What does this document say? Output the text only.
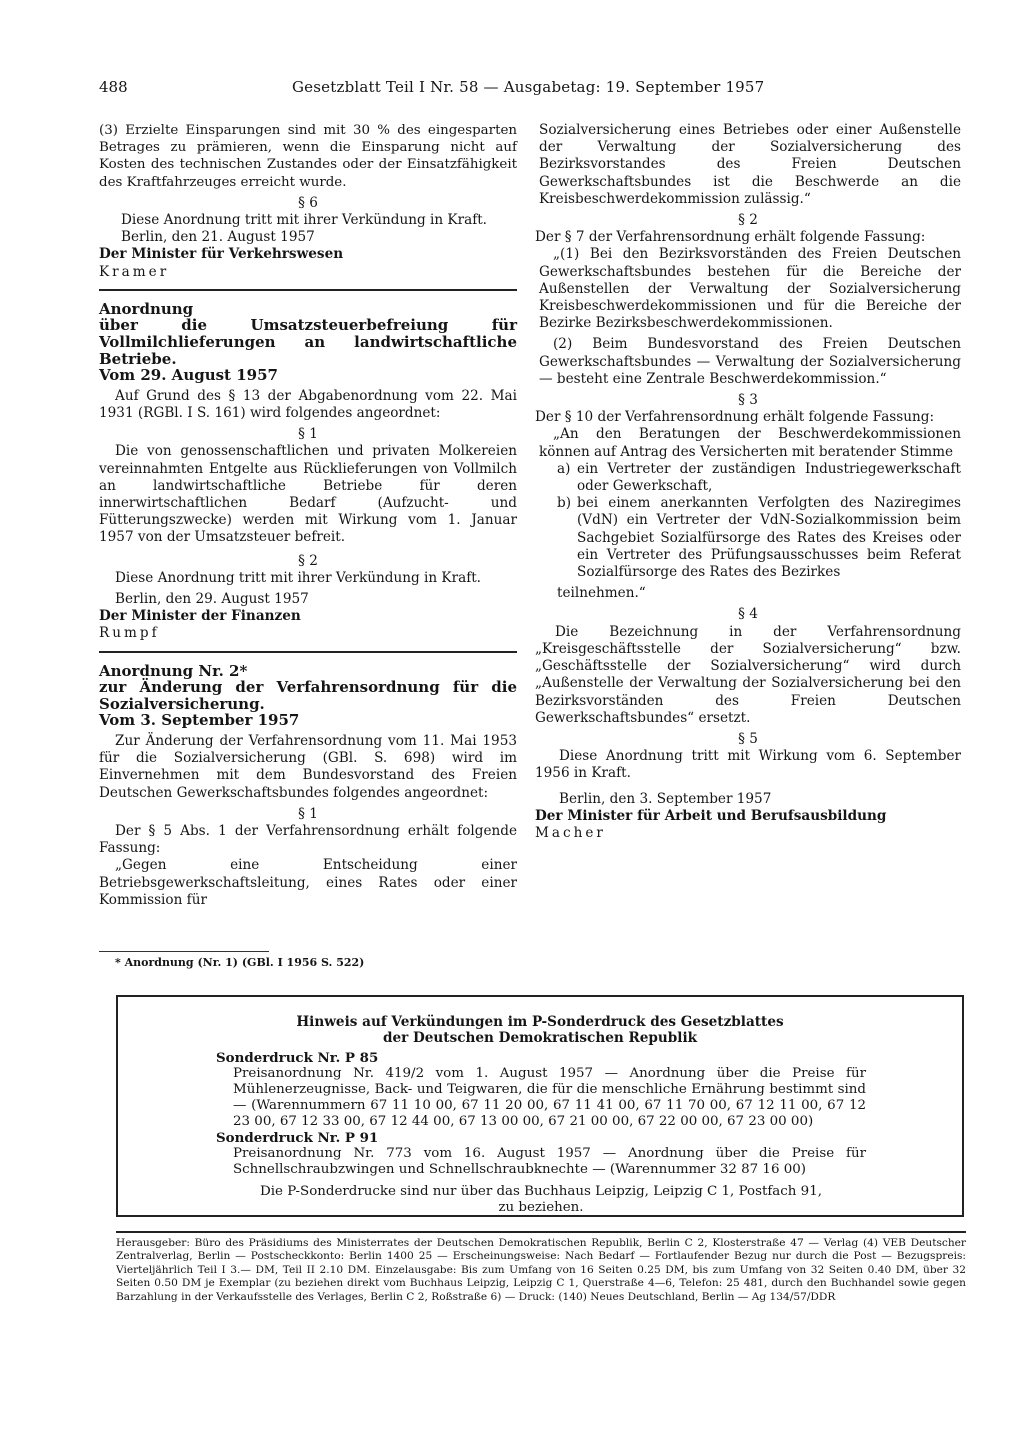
488	Gesetzblatt Teil I Nr. 58 — Ausgabetag: 19. September 1957

(3) Erzielte Einsparungen sind mit 30 % des eingesparten Betrages zu prämieren, wenn die Einsparung nicht auf Kosten des technischen Zustandes oder der Einsatzfähigkeit des Kraftfahrzeuges erreicht wurde.

§ 6

Diese Anordnung tritt mit ihrer Verkündung in Kraft.

Berlin, den 21. August 1957

Der Minister für Verkehrswesen

Kramer

Anordnung

über die Umsatzsteuerbefreiung für Vollmilchlieferungen an landwirtschaftliche Betriebe.

Vom 29. August 1957

Auf Grund des § 13 der Abgabenordnung vom 22. Mai 1931 (RGBl. I S. 161) wird folgendes angeordnet:

§ 1

Die von genossenschaftlichen und privaten Molkereien vereinnahmten Entgelte aus Rücklieferungen von Vollmilch an landwirtschaftliche Betriebe für deren innerwirtschaftlichen Bedarf (Aufzucht- und Fütterungszwecke) werden mit Wirkung vom 1. Januar 1957 von der Umsatzsteuer befreit.

§ 2

Diese Anordnung tritt mit ihrer Verkündung in Kraft.

Berlin, den 29. August 1957

Der Minister der Finanzen

Rumpf

Anordnung Nr. 2*

zur Änderung der Verfahrensordnung für die Sozialversicherung.

Vom 3. September 1957

Zur Änderung der Verfahrensordnung vom 11. Mai 1953 für die Sozialversicherung (GBl. S. 698) wird im Einvernehmen mit dem Bundesvorstand des Freien Deutschen Gewerkschaftsbundes folgendes angeordnet:

§ 1

Der § 5 Abs. 1 der Verfahrensordnung erhält folgende Fassung:

„Gegen eine Entscheidung einer Betriebsgewerkschaftsleitung, eines Rates oder einer Kommission für

* Anordnung (Nr. 1) (GBl. I 1956 S. 522)

Sozialversicherung eines Betriebes oder einer Außenstelle der Verwaltung der Sozialversicherung des Bezirksvorstandes des Freien Deutschen Gewerkschaftsbundes ist die Beschwerde an die Kreisbeschwerdekommission zulässig.“

§ 2

Der § 7 der Verfahrensordnung erhält folgende Fassung:

„(1) Bei den Bezirksvorständen des Freien Deutschen Gewerkschaftsbundes bestehen für die Bereiche der Außenstellen der Verwaltung der Sozialversicherung Kreisbeschwerdekommissionen und für die Bereiche der Bezirke Bezirksbeschwerdekommissionen.

(2) Beim Bundesvorstand des Freien Deutschen Gewerkschaftsbundes — Verwaltung der Sozialversicherung — besteht eine Zentrale Beschwerdekommission.“

§ 3

Der § 10 der Verfahrensordnung erhält folgende Fassung:

„An den Beratungen der Beschwerdekommissionen können auf Antrag des Versicherten mit beratender Stimme

a) ein Vertreter der zuständigen Industriegewerkschaft oder Gewerkschaft,
b) bei einem anerkannten Verfolgten des Naziregimes (VdN) ein Vertreter der VdN-Sozialkommission beim Sachgebiet Sozialfürsorge des Rates des Kreises oder ein Vertreter des Prüfungsausschusses beim Referat Sozialfürsorge des Rates des Bezirkes

teilnehmen.“

§ 4

Die Bezeichnung in der Verfahrensordnung „Kreisgeschäftsstelle der Sozialversicherung“ bzw. „Geschäftsstelle der Sozialversicherung“ wird durch „Außenstelle der Verwaltung der Sozialversicherung bei den Bezirksvorständen des Freien Deutschen Gewerkschaftsbundes“ ersetzt.

§ 5

Diese Anordnung tritt mit Wirkung vom 6. September 1956 in Kraft.

Berlin, den 3. September 1957

Der Minister für Arbeit und Berufsausbildung

Macher

Hinweis auf Verkündungen im P-Sonderdruck des Gesetzblattes
der Deutschen Demokratischen Republik
Sonderdruck Nr. P 85
Preisanordnung Nr. 419/2 vom 1. August 1957 — Anordnung über die Preise für Mühlenerzeugnisse, Back- und Teigwaren, die für die menschliche Ernährung bestimmt sind — (Warennummern 67 11 10 00, 67 11 20 00, 67 11 41 00, 67 11 70 00, 67 12 11 00, 67 12 23 00, 67 12 33 00, 67 12 44 00, 67 13 00 00, 67 21 00 00, 67 22 00 00, 67 23 00 00)
Sonderdruck Nr. P 91
Preisanordnung Nr. 773 vom 16. August 1957 — Anordnung über die Preise für Schnellschraubzwingen und Schnellschraubknechte — (Warennummer 32 87 16 00)
Die P-Sonderdrucke sind nur über das Buchhaus Leipzig, Leipzig C 1, Postfach 91,
zu beziehen.
Herausgeber: Büro des Präsidiums des Ministerrates der Deutschen Demokratischen Republik, Berlin C 2, Klosterstraße 47 — Verlag (4) VEB Deutscher Zentralverlag, Berlin — Postscheckkonto: Berlin 1400 25 — Erscheinungsweise: Nach Bedarf — Fortlaufender Bezug nur durch die Post — Bezugspreis: Vierteljährlich Teil I 3.— DM, Teil II 2.10 DM. Einzelausgabe: Bis zum Umfang von 16 Seiten 0.25 DM, bis zum Umfang von 32 Seiten 0.40 DM, über 32 Seiten 0.50 DM je Exemplar (zu beziehen direkt vom Buchhaus Leipzig, Leipzig C 1, Querstraße 4—6, Telefon: 25 481, durch den Buchhandel sowie gegen Barzahlung in der Verkaufsstelle des Verlages, Berlin C 2, Roßstraße 6) — Druck: (140) Neues Deutschland, Berlin — Ag 134/57/DDR
